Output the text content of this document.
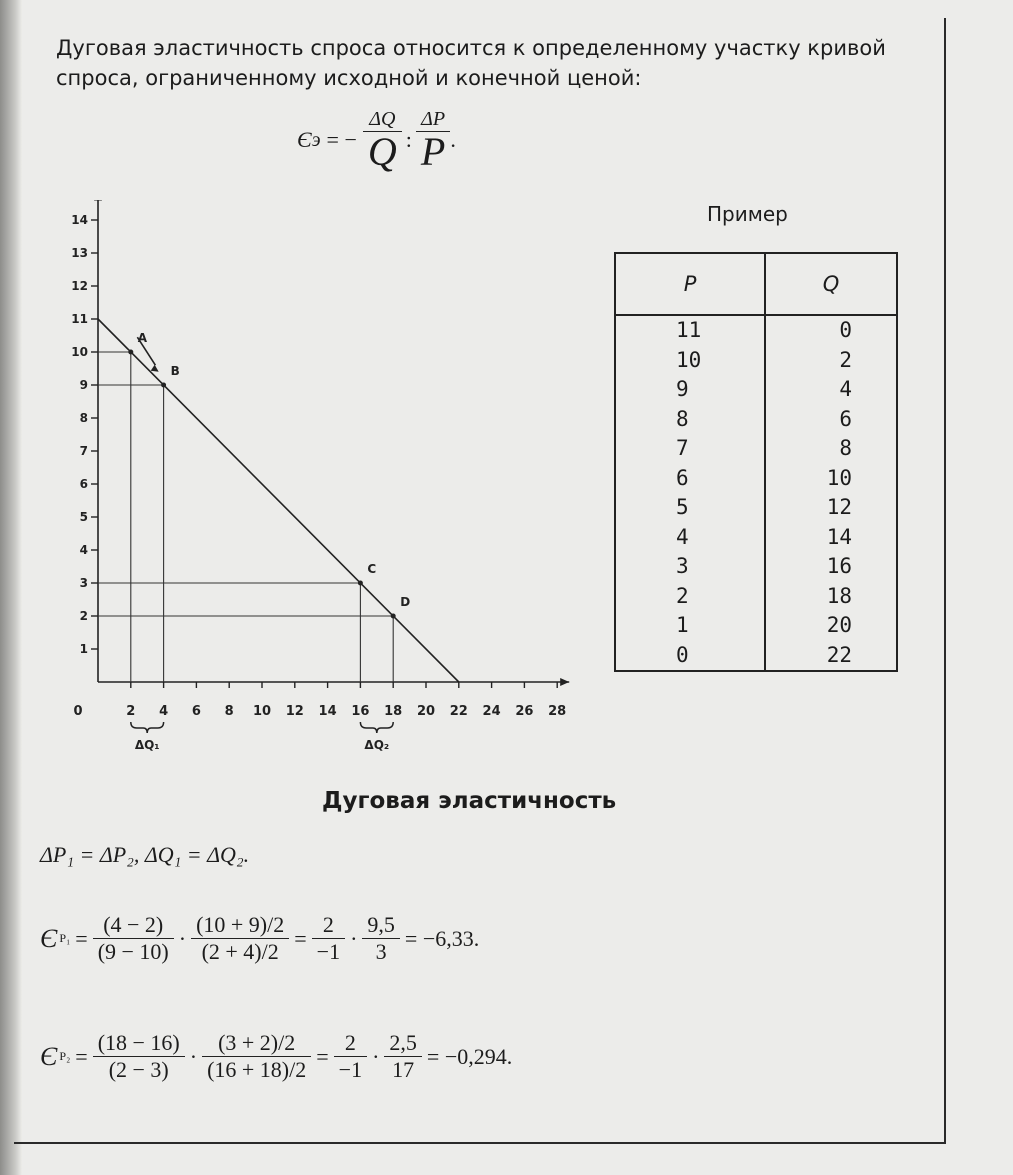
Дуговая эластичность спроса относится к определенному участку кривой спроса, ограниченному исходной и конечной ценой:

Є э = − $\frac{\Delta Q}{Q}$ : $\frac{\Delta P}{P}$ .
1
2
3
4
5
6
7
8
9
10
11
12
13
14
0	2 4 6 8 10 12 14 16 18 20 22 24 26 28
A
B
C
D
ΔQ₁	ΔQ₂

Пример

P	Q
11	0
10	2
9	4
8	6
7	8
6	10
5	12
4	14
3	16
2	18
1	20
0	22

Дуговая эластичность

ΔP₁ = ΔP₂, ΔQ₁ = ΔQ₂.
Є $P_1 = \frac{(4 - 2)}{(9 - 10)} \cdot \frac{(10 + 9)/2}{(2 + 4)/2} = \frac{2}{-1} \cdot \frac{9,5}{3} = -6,33$.
Є $P_2 = \frac{(18 - 16)}{(2 - 3)} \cdot \frac{(3 + 2)/2}{(16 + 18)/2} = \frac{2}{-1} \cdot \frac{2,5}{17} = -0,294$.
